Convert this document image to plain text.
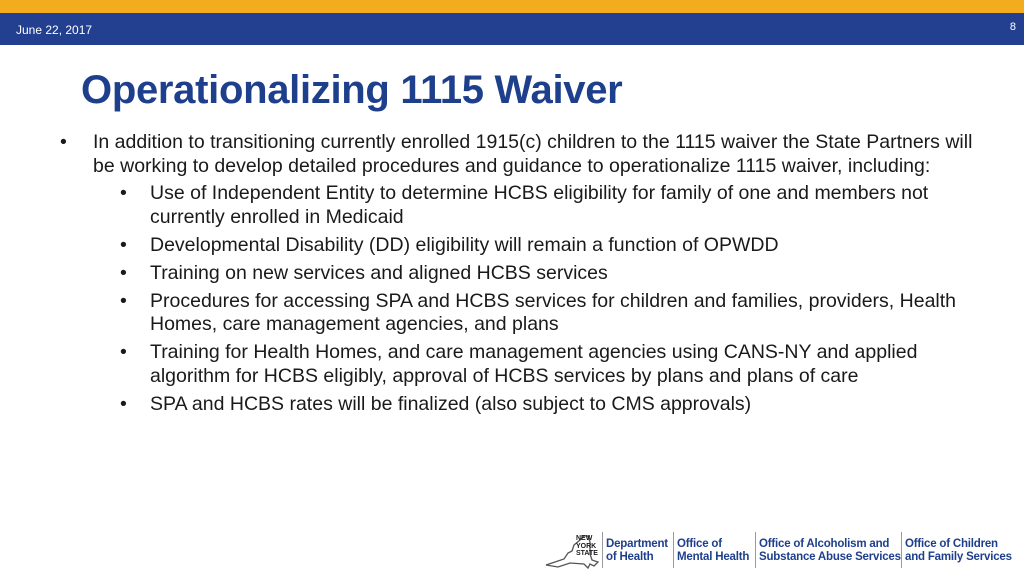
June 22, 2017	8
Operationalizing 1115 Waiver
• In addition to transitioning currently enrolled 1915(c) children to the 1115 waiver the State Partners will be working to develop detailed procedures and guidance to operationalize 1115 waiver, including:
• Use of Independent Entity to determine HCBS eligibility for family of one and members not currently enrolled in Medicaid
• Developmental Disability (DD) eligibility will remain a function of OPWDD
• Training on new services and aligned HCBS services
• Procedures for accessing SPA and HCBS services for children and families, providers, Health Homes, care management agencies, and plans
• Training for Health Homes, and care management agencies using CANS-NY and applied algorithm for HCBS eligibly, approval of HCBS services by plans and plans of care
• SPA and HCBS rates will be finalized (also subject to CMS approvals)
NEW YORK STATE
Department
of Health
Office of
Mental Health
Office of Alcoholism and
Substance Abuse Services
Office of Children
and Family Services
